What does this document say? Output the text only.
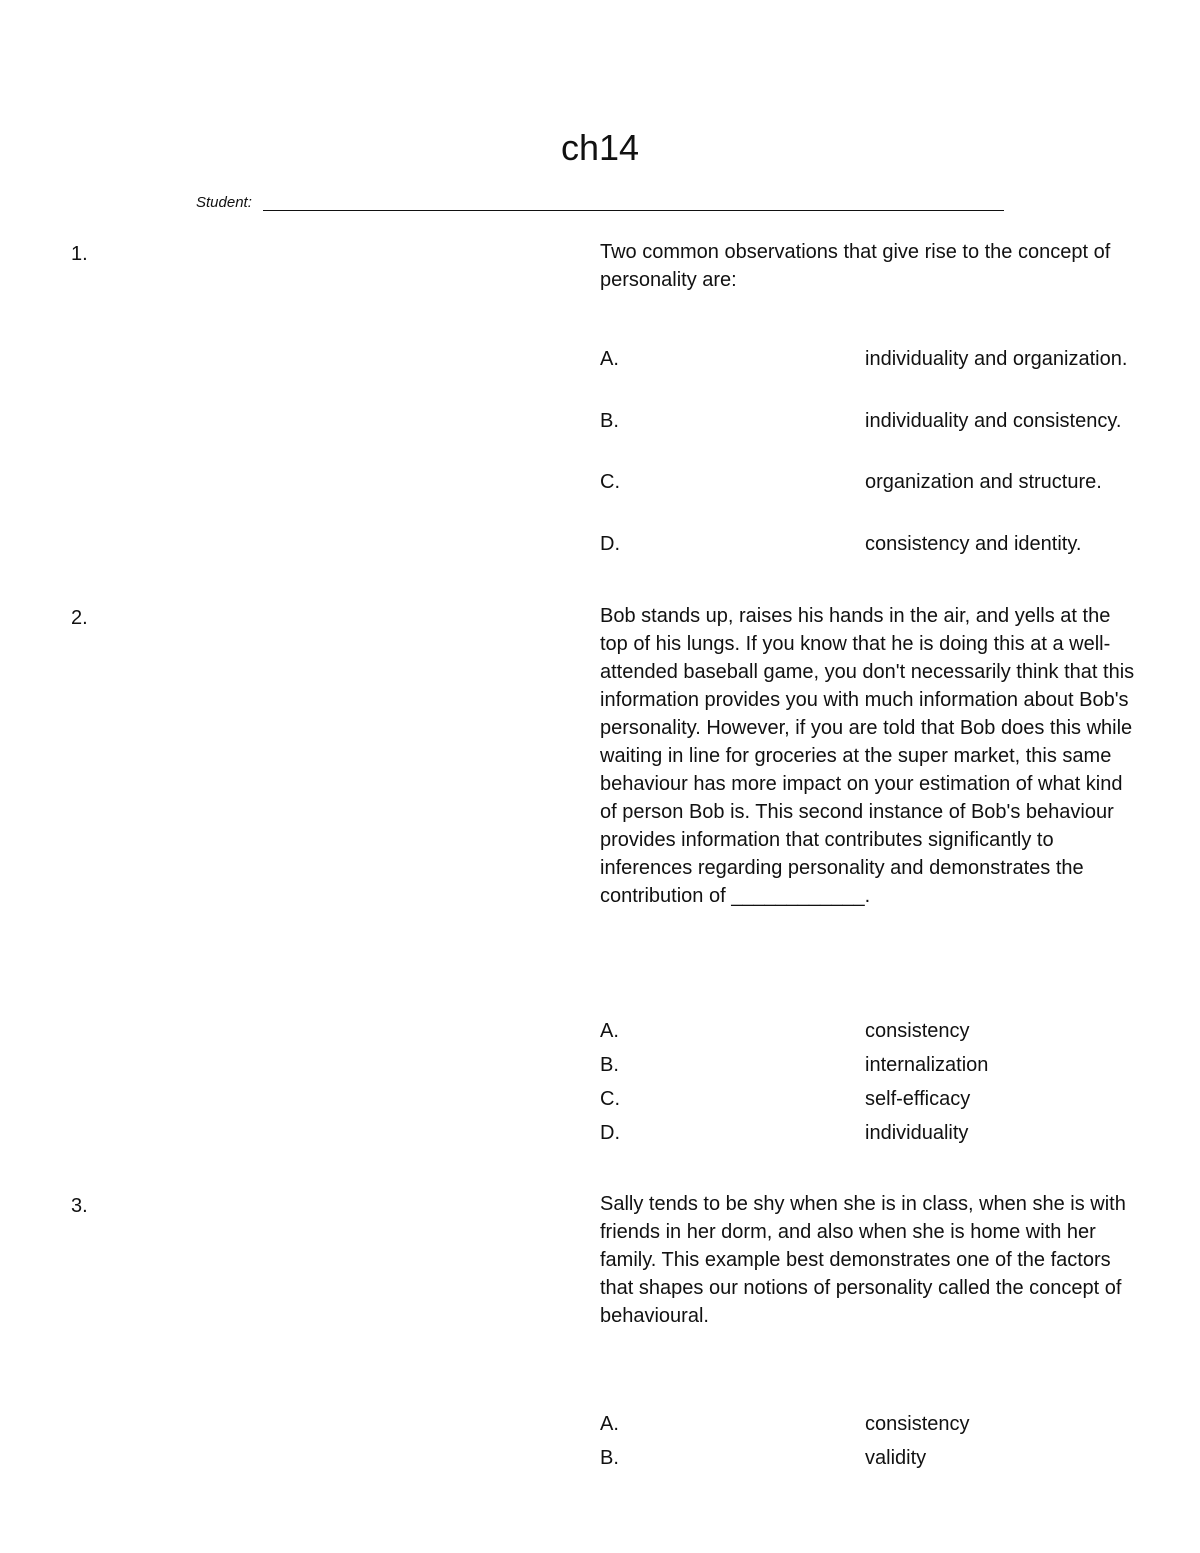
ch14
Student:
1.	Two common observations that give rise to the concept of personality are:
A.	individuality and organization.
B.	individuality and consistency.
C.	organization and structure.
D.	consistency and identity.
2.	Bob stands up, raises his hands in the air, and yells at the top of his lungs. If you know that he is doing this at a well-attended baseball game, you don't necessarily think that this information provides you with much information about Bob's personality. However, if you are told that Bob does this while waiting in line for groceries at the super market, this same behaviour has more impact on your estimation of what kind of person Bob is. This second instance of Bob's behaviour provides information that contributes significantly to inferences regarding personality and demonstrates the contribution of ____________.
A.	consistency
B.	internalization
C.	self-efficacy
D.	individuality
3.	Sally tends to be shy when she is in class, when she is with friends in her dorm, and also when she is home with her family. This example best demonstrates one of the factors that shapes our notions of personality called the concept of behavioural.
A.	consistency
B.	validity
